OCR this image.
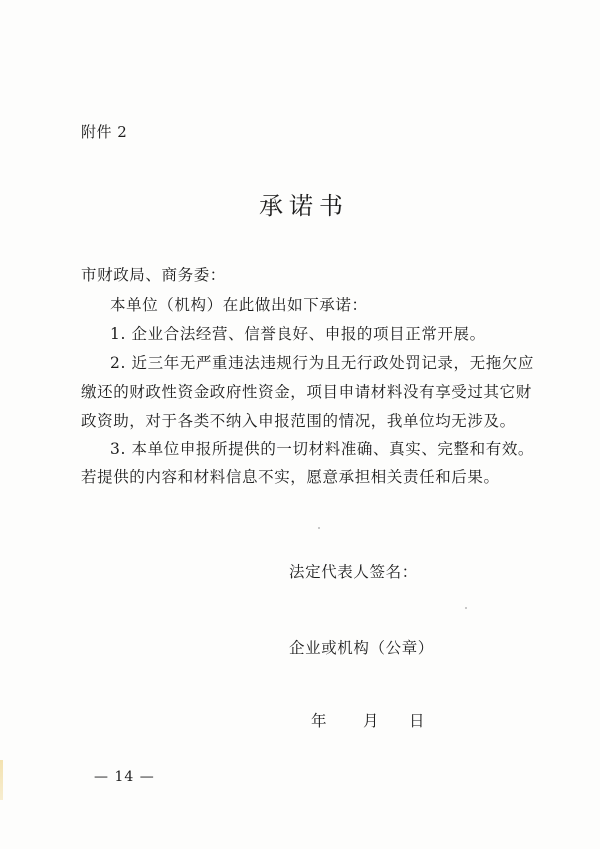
附件 2
承诺书
市财政局、商务委：
本单位（机构）在此做出如下承诺：
1. 企业合法经营、信誉良好、申报的项目正常开展。
2. 近三年无严重违法违规行为且无行政处罚记录，无拖欠应
缴还的财政性资金政府性资金，项目申请材料没有享受过其它财
政资助，对于各类不纳入申报范围的情况，我单位均无涉及。
3. 本单位申报所提供的一切材料准确、真实、完整和有效。
若提供的内容和材料信息不实，愿意承担相关责任和后果。
法定代表人签名：
企业或机构（公章）
年	月	日
— 14 —
